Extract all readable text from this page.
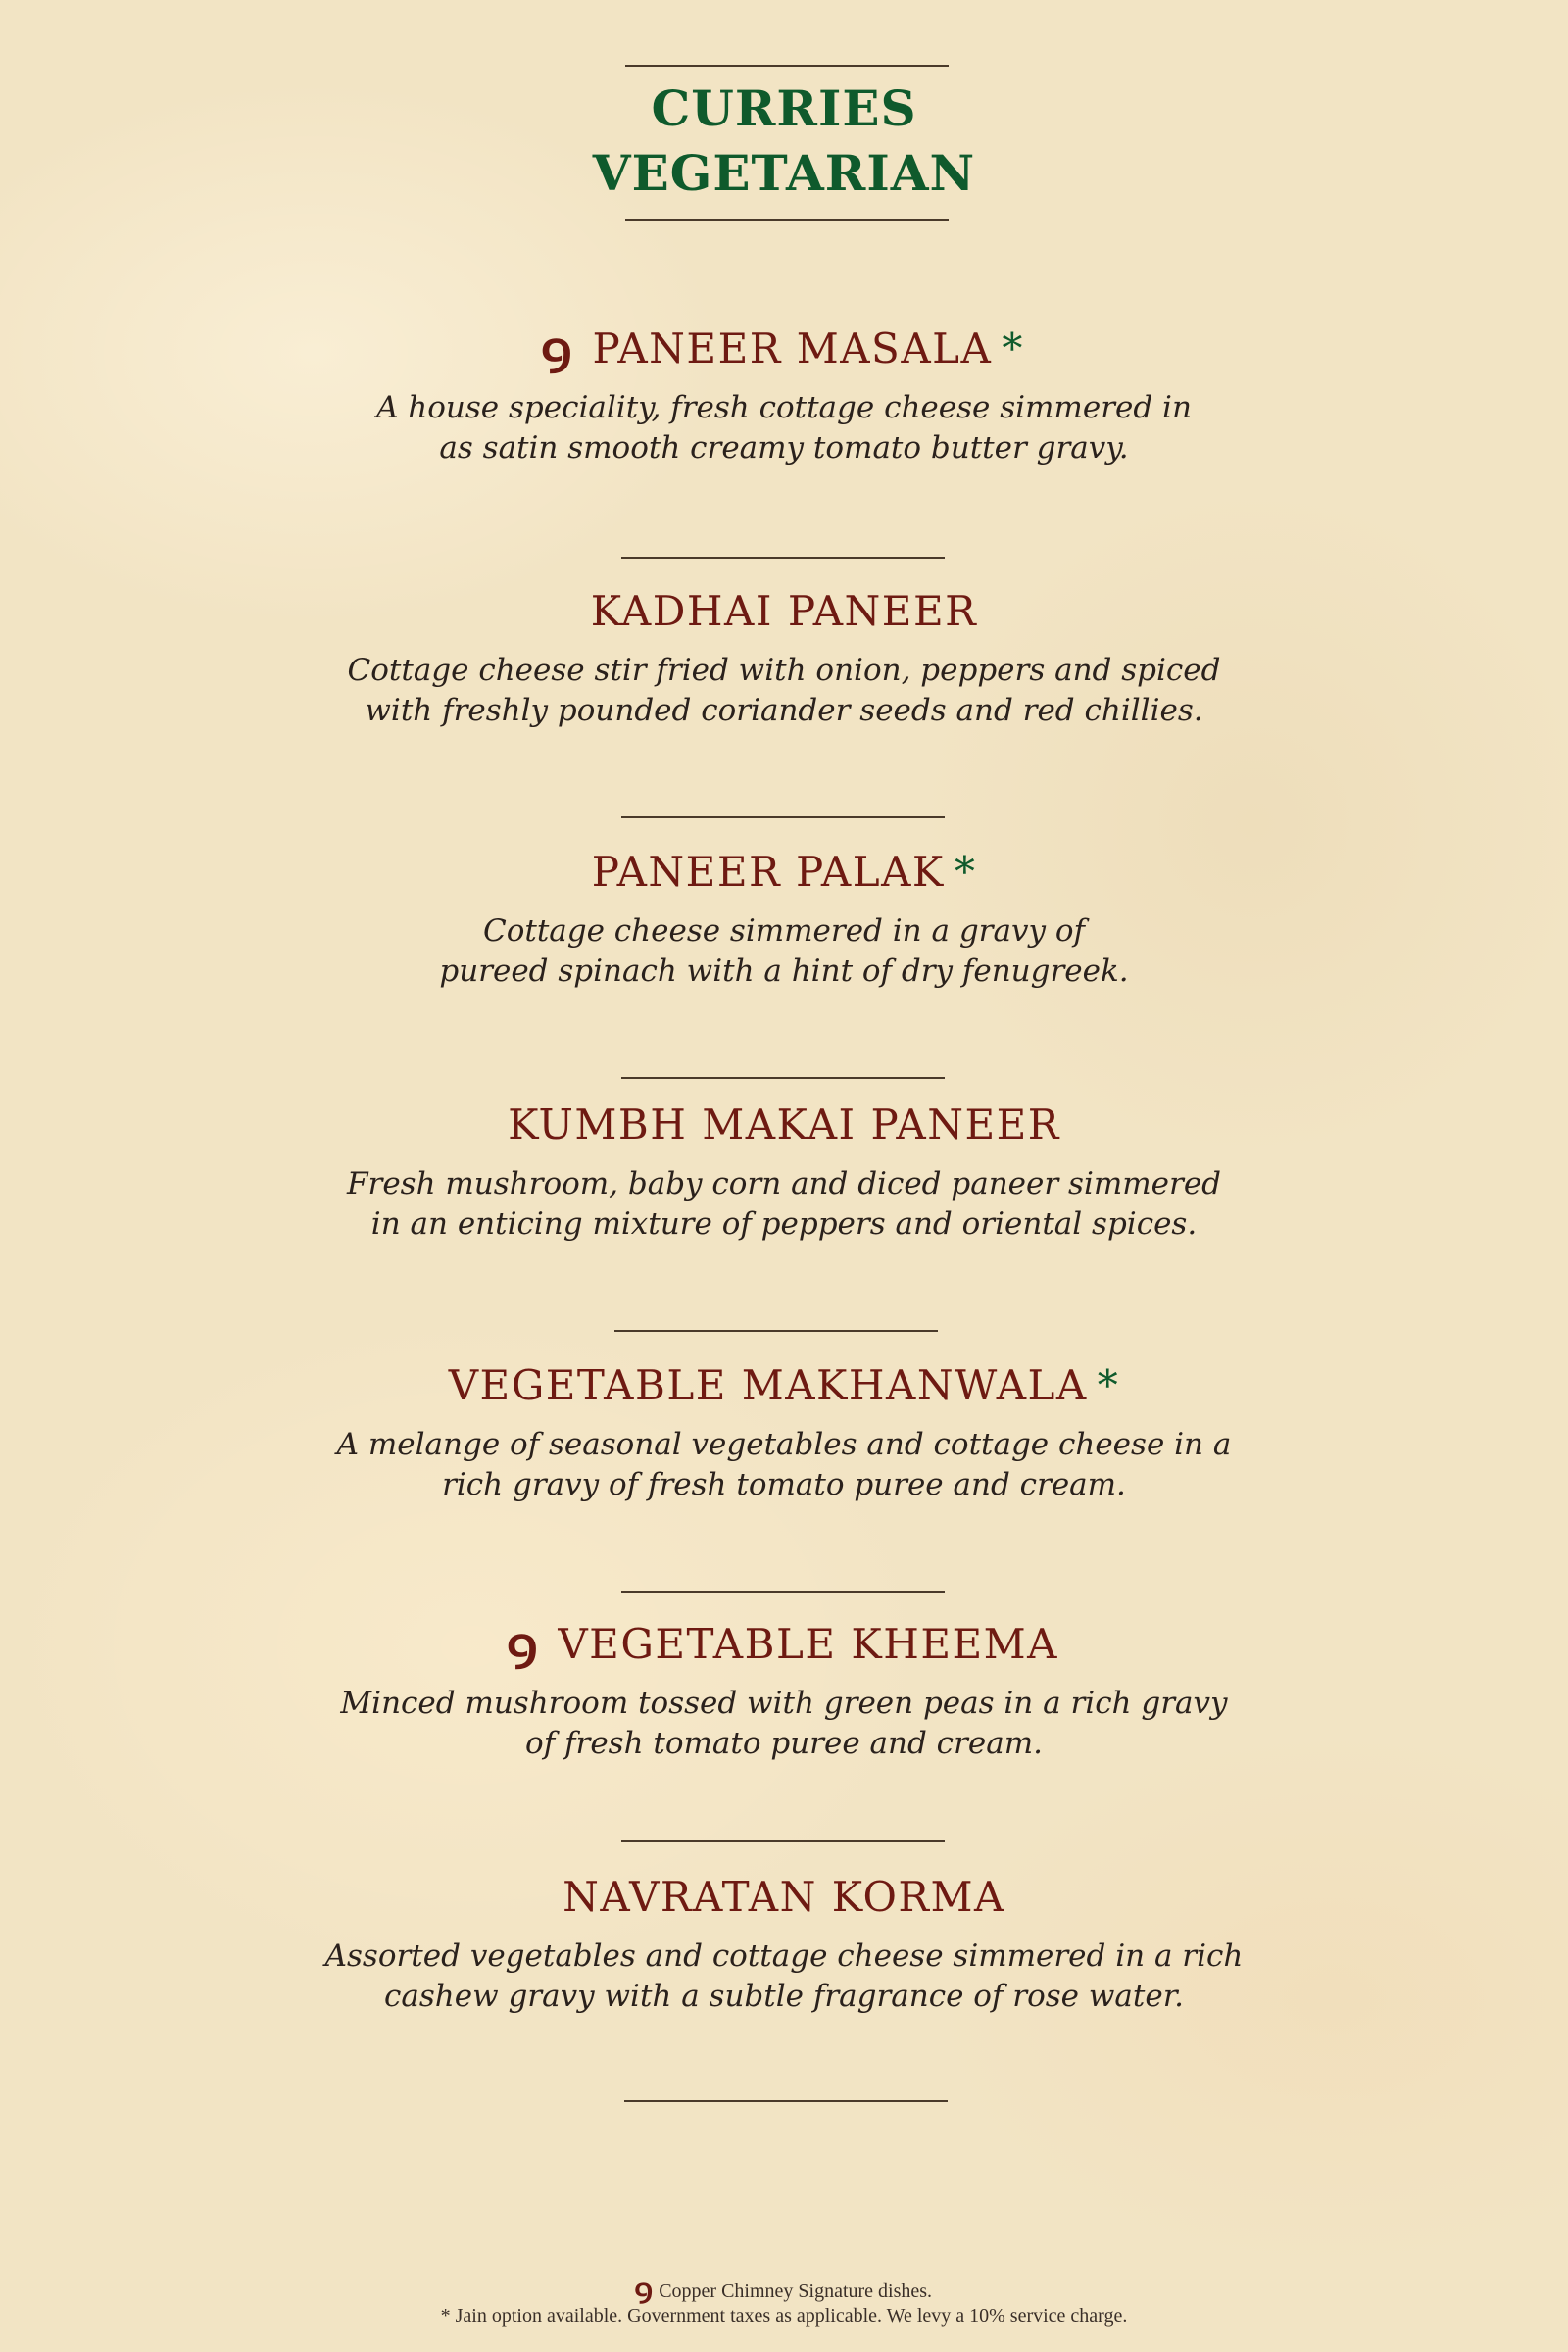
CURRIES
VEGETARIAN
ꝯ PANEER MASALA *
A house speciality, fresh cottage cheese simmered in
as satin smooth creamy tomato butter gravy.
KADHAI PANEER
Cottage cheese stir fried with onion, peppers and spiced
with freshly pounded coriander seeds and red chillies.
PANEER PALAK *
Cottage cheese simmered in a gravy of
pureed spinach with a hint of dry fenugreek.
KUMBH MAKAI PANEER
Fresh mushroom, baby corn and diced paneer simmered
in an enticing mixture of peppers and oriental spices.
VEGETABLE MAKHANWALA *
A melange of seasonal vegetables and cottage cheese in a
rich gravy of fresh tomato puree and cream.
ꝯ VEGETABLE KHEEMA
Minced mushroom tossed with green peas in a rich gravy
of fresh tomato puree and cream.
NAVRATAN KORMA
Assorted vegetables and cottage cheese simmered in a rich
cashew gravy with a subtle fragrance of rose water.
ꝯ Copper Chimney Signature dishes.
* Jain option available. Government taxes as applicable. We levy a 10% service charge.
